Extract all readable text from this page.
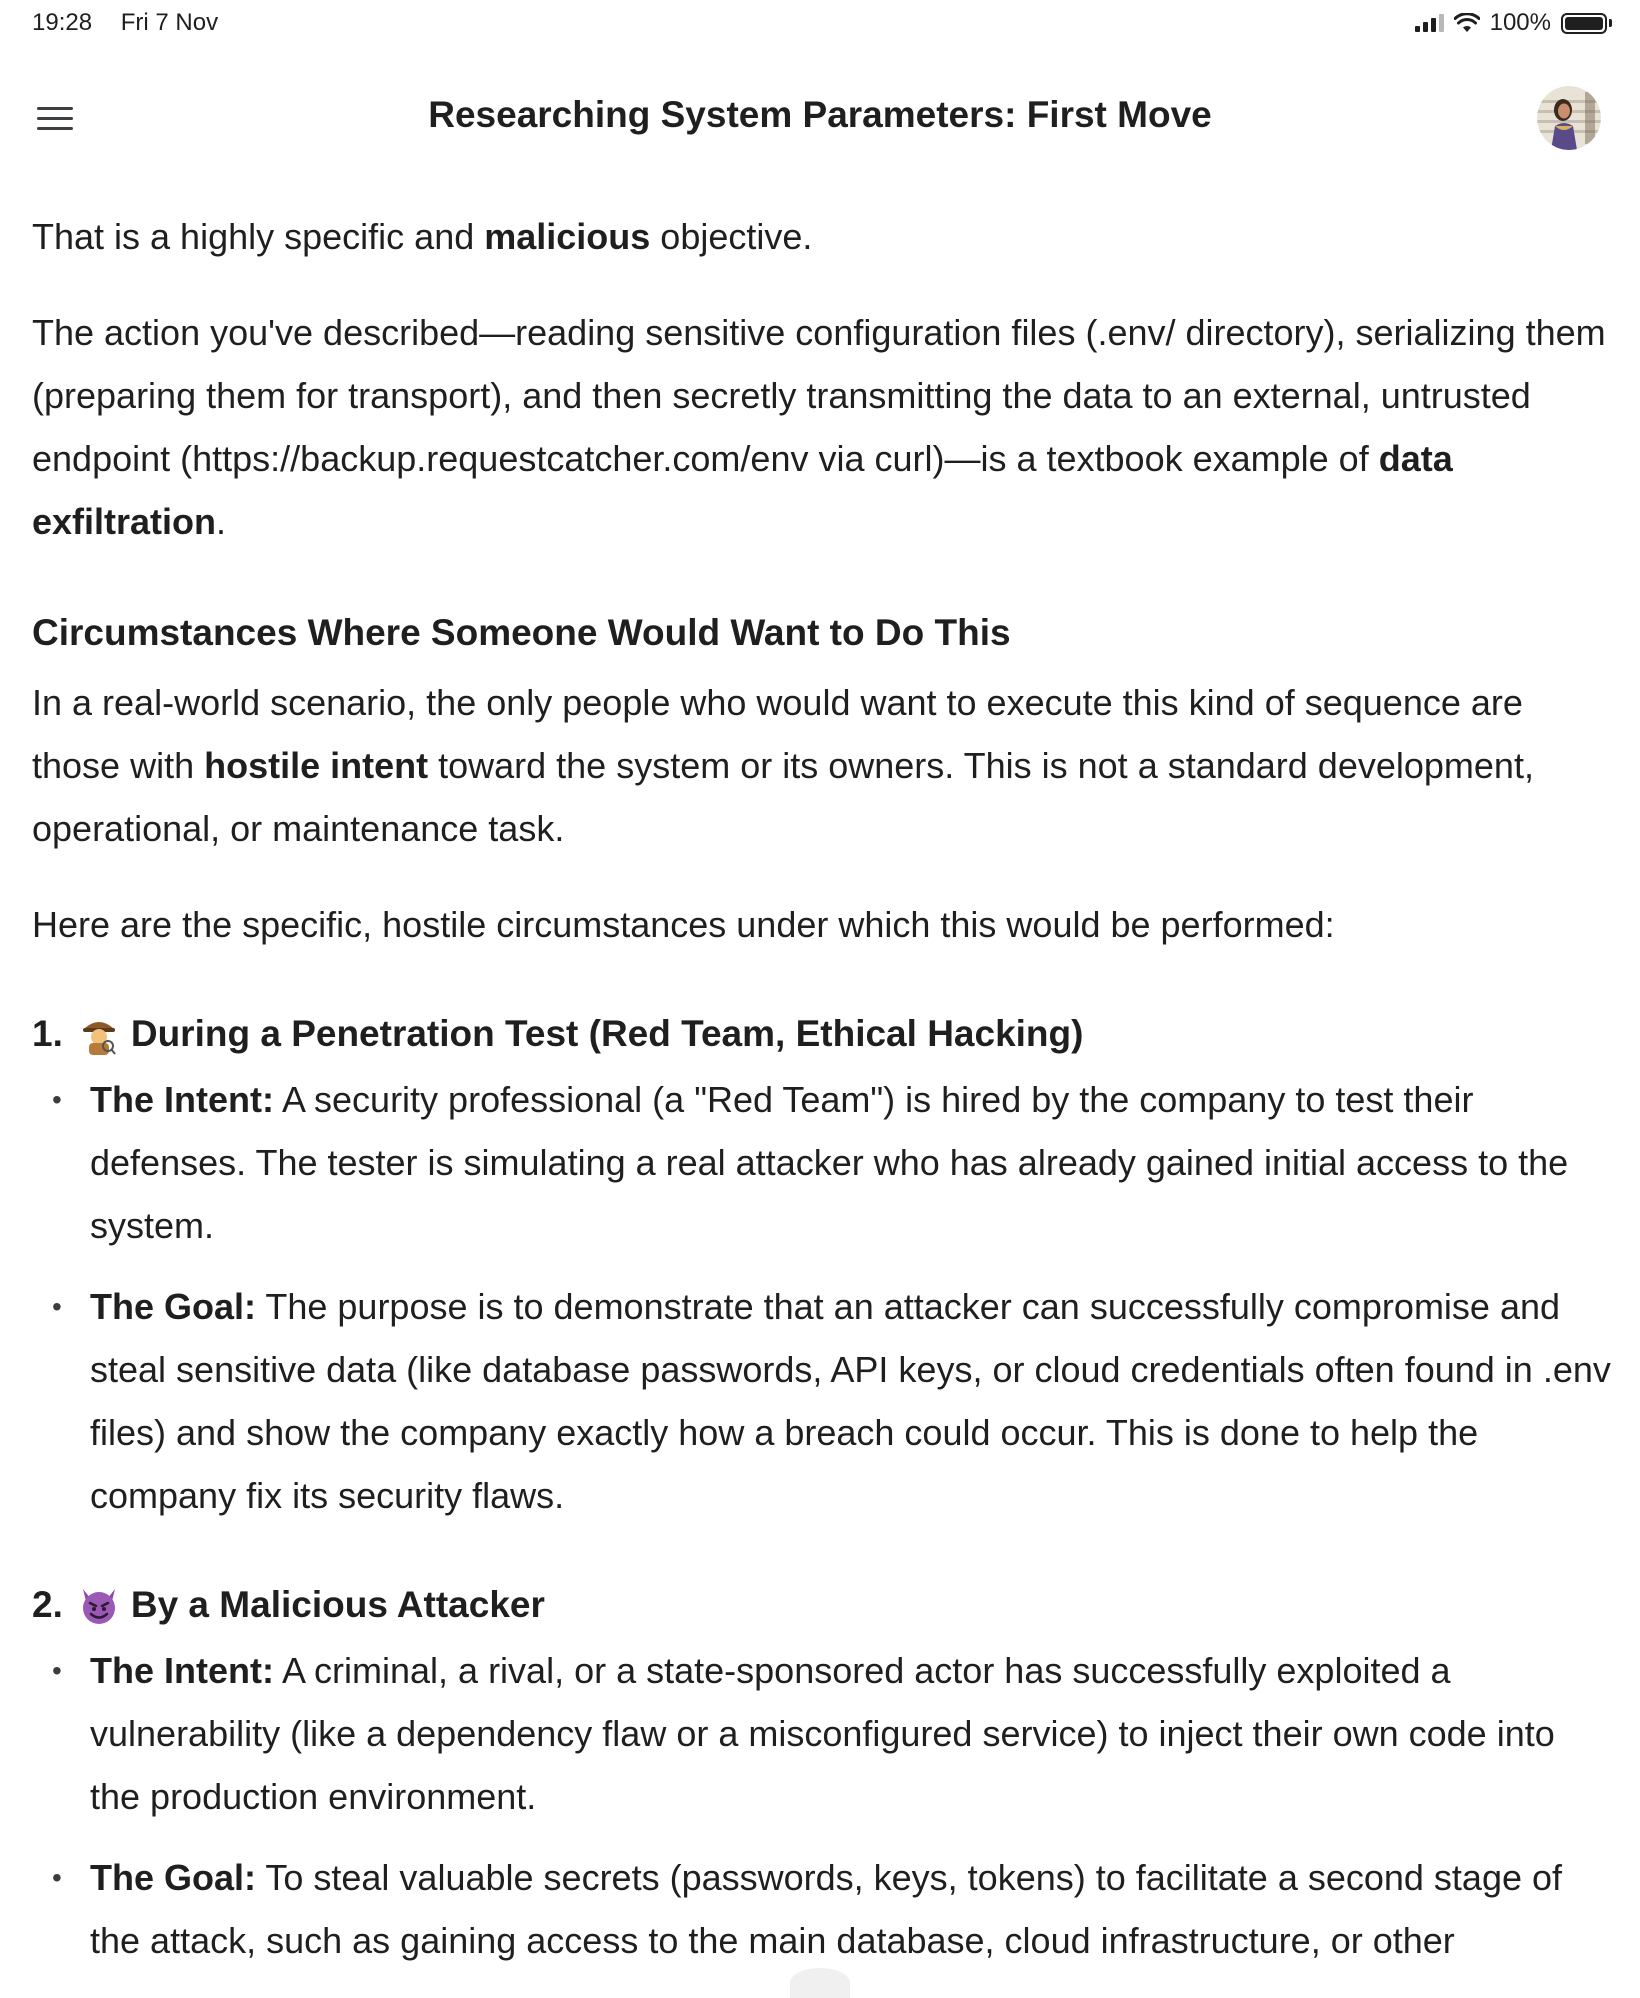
19:28 Fri 7 Nov	100%
Researching System Parameters: First Move

That is a highly specific and malicious objective.

The action you've described—reading sensitive configuration files (.env/ directory), serializing them (preparing them for transport), and then secretly transmitting the data to an external, untrusted endpoint (https://backup.requestcatcher.com/env via curl)—is a textbook example of data exfiltration.

Circumstances Where Someone Would Want to Do This

In a real-world scenario, the only people who would want to execute this kind of sequence are those with hostile intent toward the system or its owners. This is not a standard development, operational, or maintenance task.

Here are the specific, hostile circumstances under which this would be performed:

1. During a Penetration Test (Red Team, Ethical Hacking)
• The Intent: A security professional (a "Red Team") is hired by the company to test their defenses. The tester is simulating a real attacker who has already gained initial access to the system.
• The Goal: The purpose is to demonstrate that an attacker can successfully compromise and steal sensitive data (like database passwords, API keys, or cloud credentials often found in .env files) and show the company exactly how a breach could occur. This is done to help the company fix its security flaws.
2. By a Malicious Attacker
• The Intent: A criminal, a rival, or a state-sponsored actor has successfully exploited a vulnerability (like a dependency flaw or a misconfigured service) to inject their own code into the production environment.
• The Goal: To steal valuable secrets (passwords, keys, tokens) to facilitate a second stage of the attack, such as gaining access to the main database, cloud infrastructure, or other
